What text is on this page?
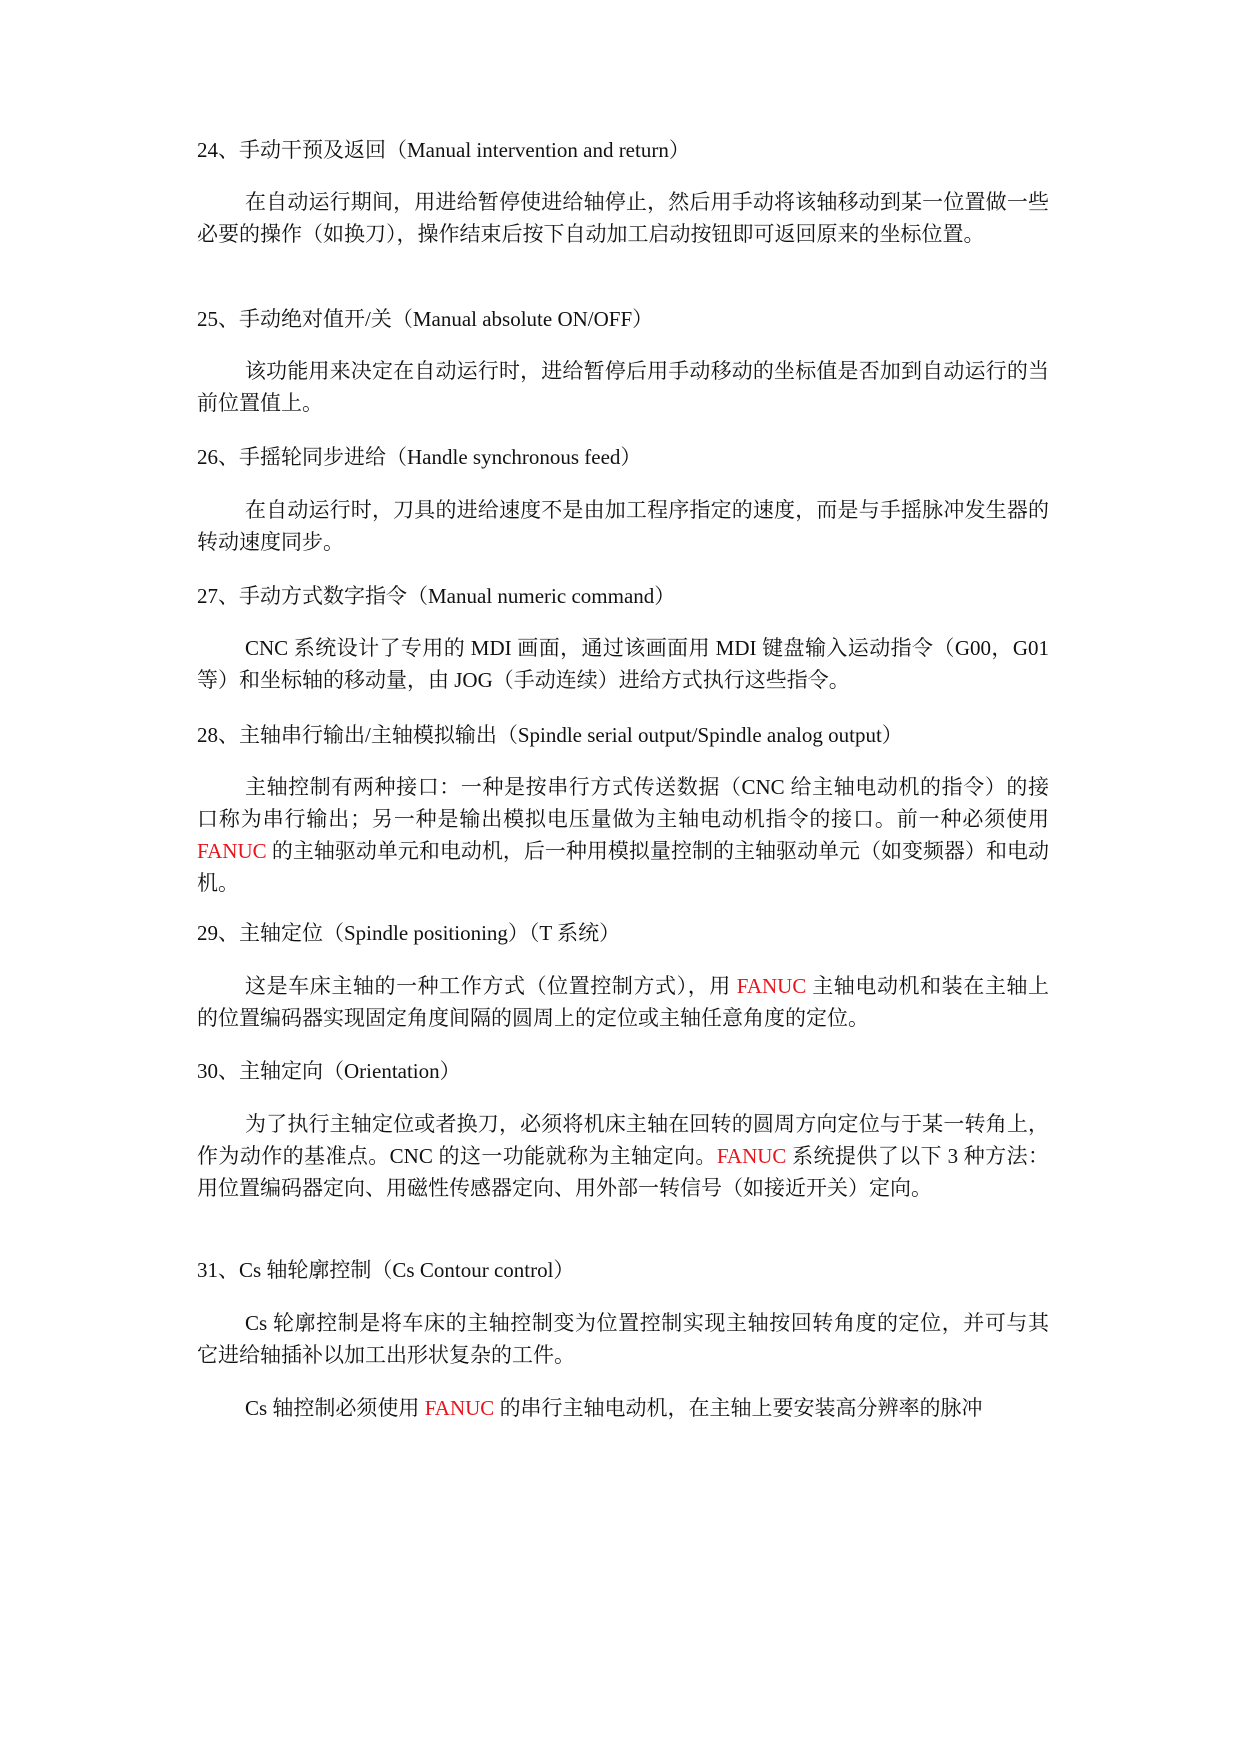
24、手动干预及返回（Manual intervention and return）
在自动运行期间，用进给暂停使进给轴停止，然后用手动将该轴移动到某一位置做一些必要的操作（如换刀），操作结束后按下自动加工启动按钮即可返回原来的坐标位置。
25、手动绝对值开/关（Manual absolute ON/OFF）
该功能用来决定在自动运行时，进给暂停后用手动移动的坐标值是否加到自动运行的当前位置值上。
26、手摇轮同步进给（Handle synchronous feed）
在自动运行时，刀具的进给速度不是由加工程序指定的速度，而是与手摇脉冲发生器的转动速度同步。
27、手动方式数字指令（Manual numeric command）
CNC 系统设计了专用的 MDI 画面，通过该画面用 MDI 键盘输入运动指令（G00，G01 等）和坐标轴的移动量，由 JOG（手动连续）进给方式执行这些指令。
28、主轴串行输出/主轴模拟输出（Spindle serial output/Spindle analog output）
主轴控制有两种接口：一种是按串行方式传送数据（CNC 给主轴电动机的指令）的接口称为串行输出；另一种是输出模拟电压量做为主轴电动机指令的接口。前一种必须使用 FANUC 的主轴驱动单元和电动机，后一种用模拟量控制的主轴驱动单元（如变频器）和电动机。
29、主轴定位（Spindle positioning）（T 系统）
这是车床主轴的一种工作方式（位置控制方式），用 FANUC 主轴电动机和装在主轴上的位置编码器实现固定角度间隔的圆周上的定位或主轴任意角度的定位。
30、主轴定向（Orientation）
为了执行主轴定位或者换刀，必须将机床主轴在回转的圆周方向定位与于某一转角上，作为动作的基准点。CNC 的这一功能就称为主轴定向。FANUC 系统提供了以下 3 种方法：用位置编码器定向、用磁性传感器定向、用外部一转信号（如接近开关）定向。
31、Cs 轴轮廓控制（Cs Contour control）
Cs 轮廓控制是将车床的主轴控制变为位置控制实现主轴按回转角度的定位，并可与其它进给轴插补以加工出形状复杂的工件。
Cs 轴控制必须使用 FANUC 的串行主轴电动机，在主轴上要安装高分辨率的脉冲
